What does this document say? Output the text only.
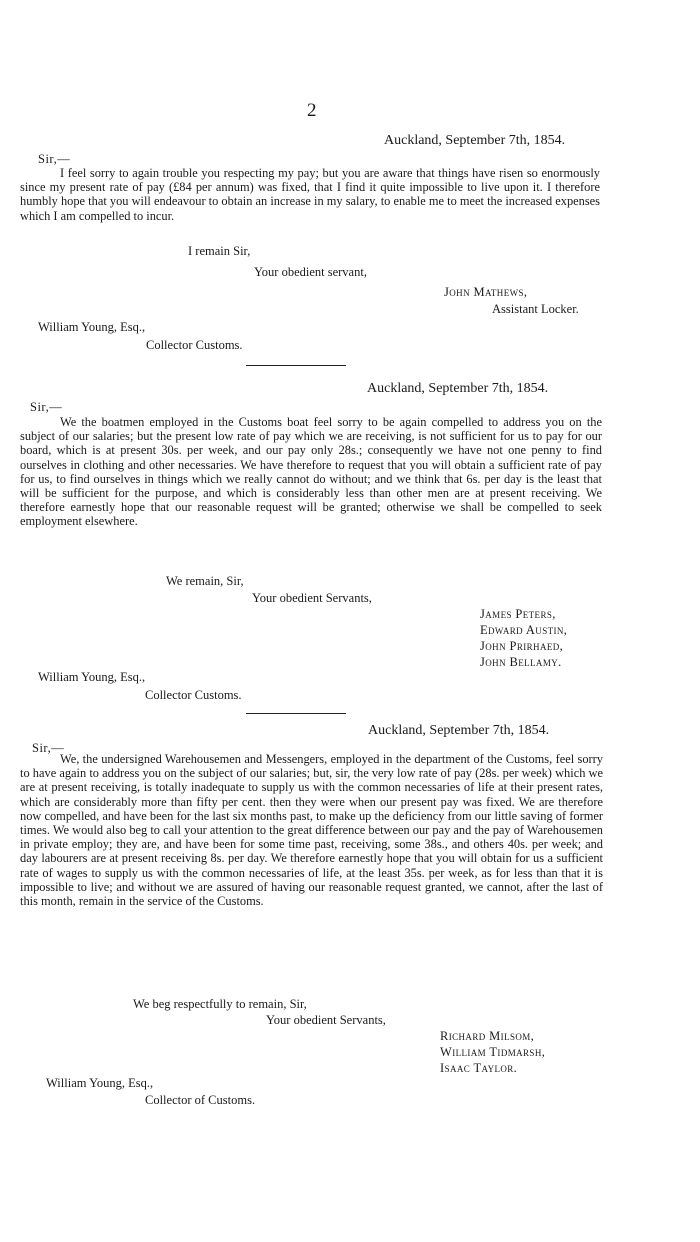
2
Auckland, September 7th, 1854.
Sir,—

I feel sorry to again trouble you respecting my pay; but you are aware that things have risen so enormously since my present rate of pay (£84 per annum) was fixed, that I find it quite impossible to live upon it. I therefore humbly hope that you will endeavour to obtain an increase in my salary, to enable me to meet the increased expenses which I am compelled to incur.

I remain Sir,
Your obedient servant,
John Mathews,
Assistant Locker.
William Young, Esq.,
Collector Customs.
Auckland, September 7th, 1854.
Sir,—

We the boatmen employed in the Customs boat feel sorry to be again compelled to address you on the subject of our salaries; but the present low rate of pay which we are receiving, is not sufficient for us to pay for our board, which is at present 30s. per week, and our pay only 28s.; consequently we have not one penny to find ourselves in clothing and other necessaries. We have therefore to request that you will obtain a sufficient rate of pay for us, to find ourselves in things which we really cannot do without; and we think that 6s. per day is the least that will be sufficient for the purpose, and which is considerably less than other men are at present receiving. We therefore earnestly hope that our reasonable request will be granted; otherwise we shall be compelled to seek employment elsewhere.

We remain, Sir,
Your obedient Servants,
James Peters,
Edward Austin,
John Prirhaed,
John Bellamy.
William Young, Esq.,
Collector Customs.
Auckland, September 7th, 1854.
Sir,—

We, the undersigned Warehousemen and Messengers, employed in the department of the Customs, feel sorry to have again to address you on the subject of our salaries; but, sir, the very low rate of pay (28s. per week) which we are at present receiving, is totally inadequate to supply us with the common necessaries of life at their present rates, which are considerably more than fifty per cent. then they were when our present pay was fixed. We are therefore now compelled, and have been for the last six months past, to make up the deficiency from our little saving of former times. We would also beg to call your attention to the great difference between our pay and the pay of Warehousemen in private employ; they are, and have been for some time past, receiving, some 38s., and others 40s. per week; and day labourers are at present receiving 8s. per day. We therefore earnestly hope that you will obtain for us a sufficient rate of wages to supply us with the common necessaries of life, at the least 35s. per week, as for less than that it is impossible to live; and without we are assured of having our reasonable request granted, we cannot, after the last of this month, remain in the service of the Customs.

We beg respectfully to remain, Sir,
Your obedient Servants,
Richard Milsom,
William Tidmarsh,
Isaac Taylor.
William Young, Esq.,
Collector of Customs.
